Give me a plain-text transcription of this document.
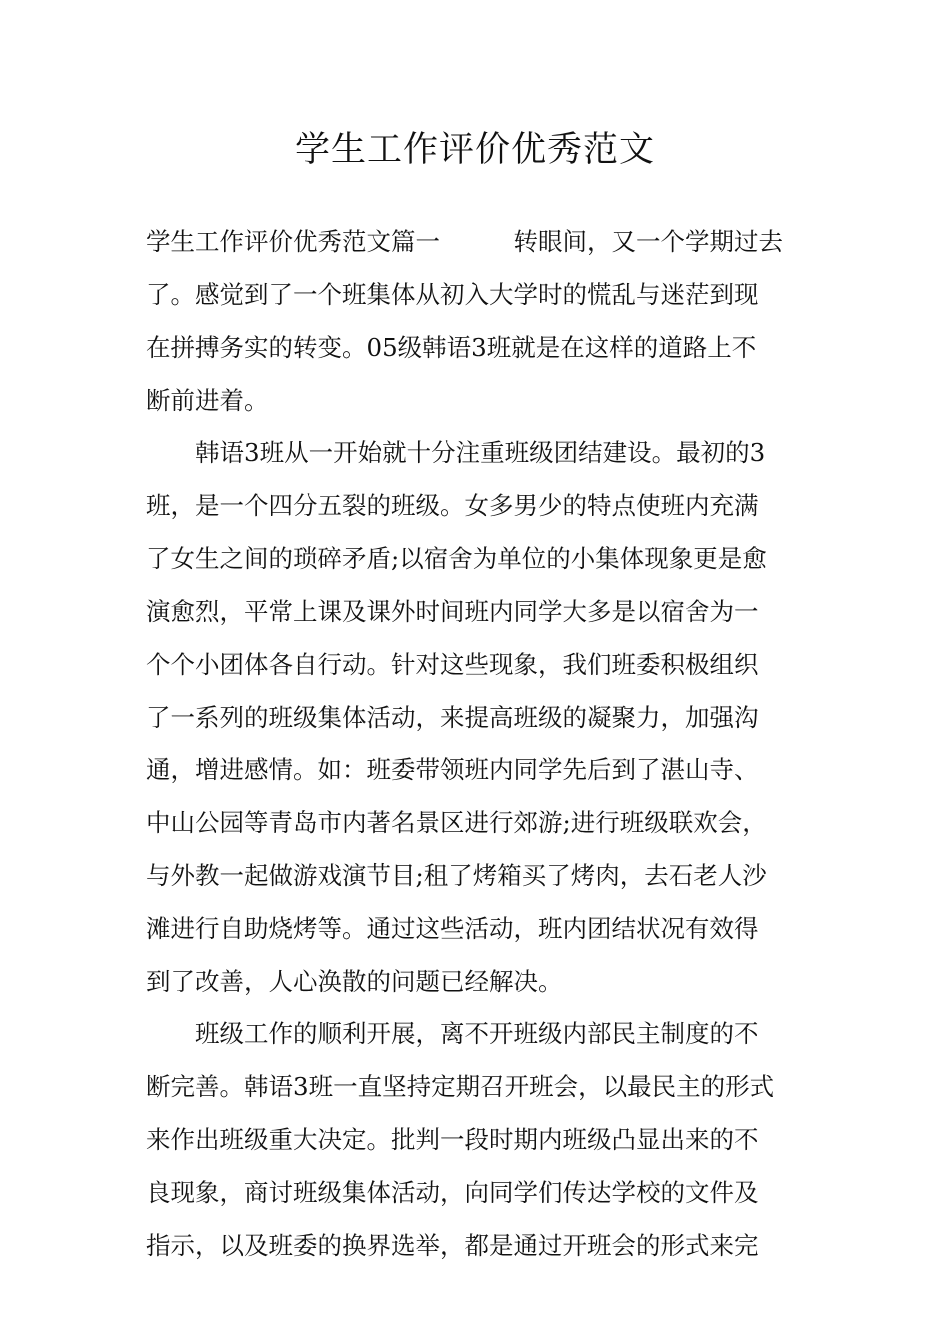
学生工作评价优秀范文

学生工作评价优秀范文篇一　　　转眼间，又一个学期过去

了。感觉到了一个班集体从初入大学时的慌乱与迷茫到现

在拼搏务实的转变。05级韩语3班就是在这样的道路上不

断前进着。

　　韩语3班从一开始就十分注重班级团结建设。最初的3

班，是一个四分五裂的班级。女多男少的特点使班内充满

了女生之间的琐碎矛盾;以宿舍为单位的小集体现象更是愈

演愈烈，平常上课及课外时间班内同学大多是以宿舍为一

个个小团体各自行动。针对这些现象，我们班委积极组织

了一系列的班级集体活动，来提高班级的凝聚力，加强沟

通，增进感情。如：班委带领班内同学先后到了湛山寺、

中山公园等青岛市内著名景区进行郊游;进行班级联欢会，

与外教一起做游戏演节目;租了烤箱买了烤肉，去石老人沙

滩进行自助烧烤等。通过这些活动，班内团结状况有效得

到了改善，人心涣散的问题已经解决。

　　班级工作的顺利开展，离不开班级内部民主制度的不

断完善。韩语3班一直坚持定期召开班会，以最民主的形式

来作出班级重大决定。批判一段时期内班级凸显出来的不

良现象，商讨班级集体活动，向同学们传达学校的文件及

指示，以及班委的换界选举，都是通过开班会的形式来完
